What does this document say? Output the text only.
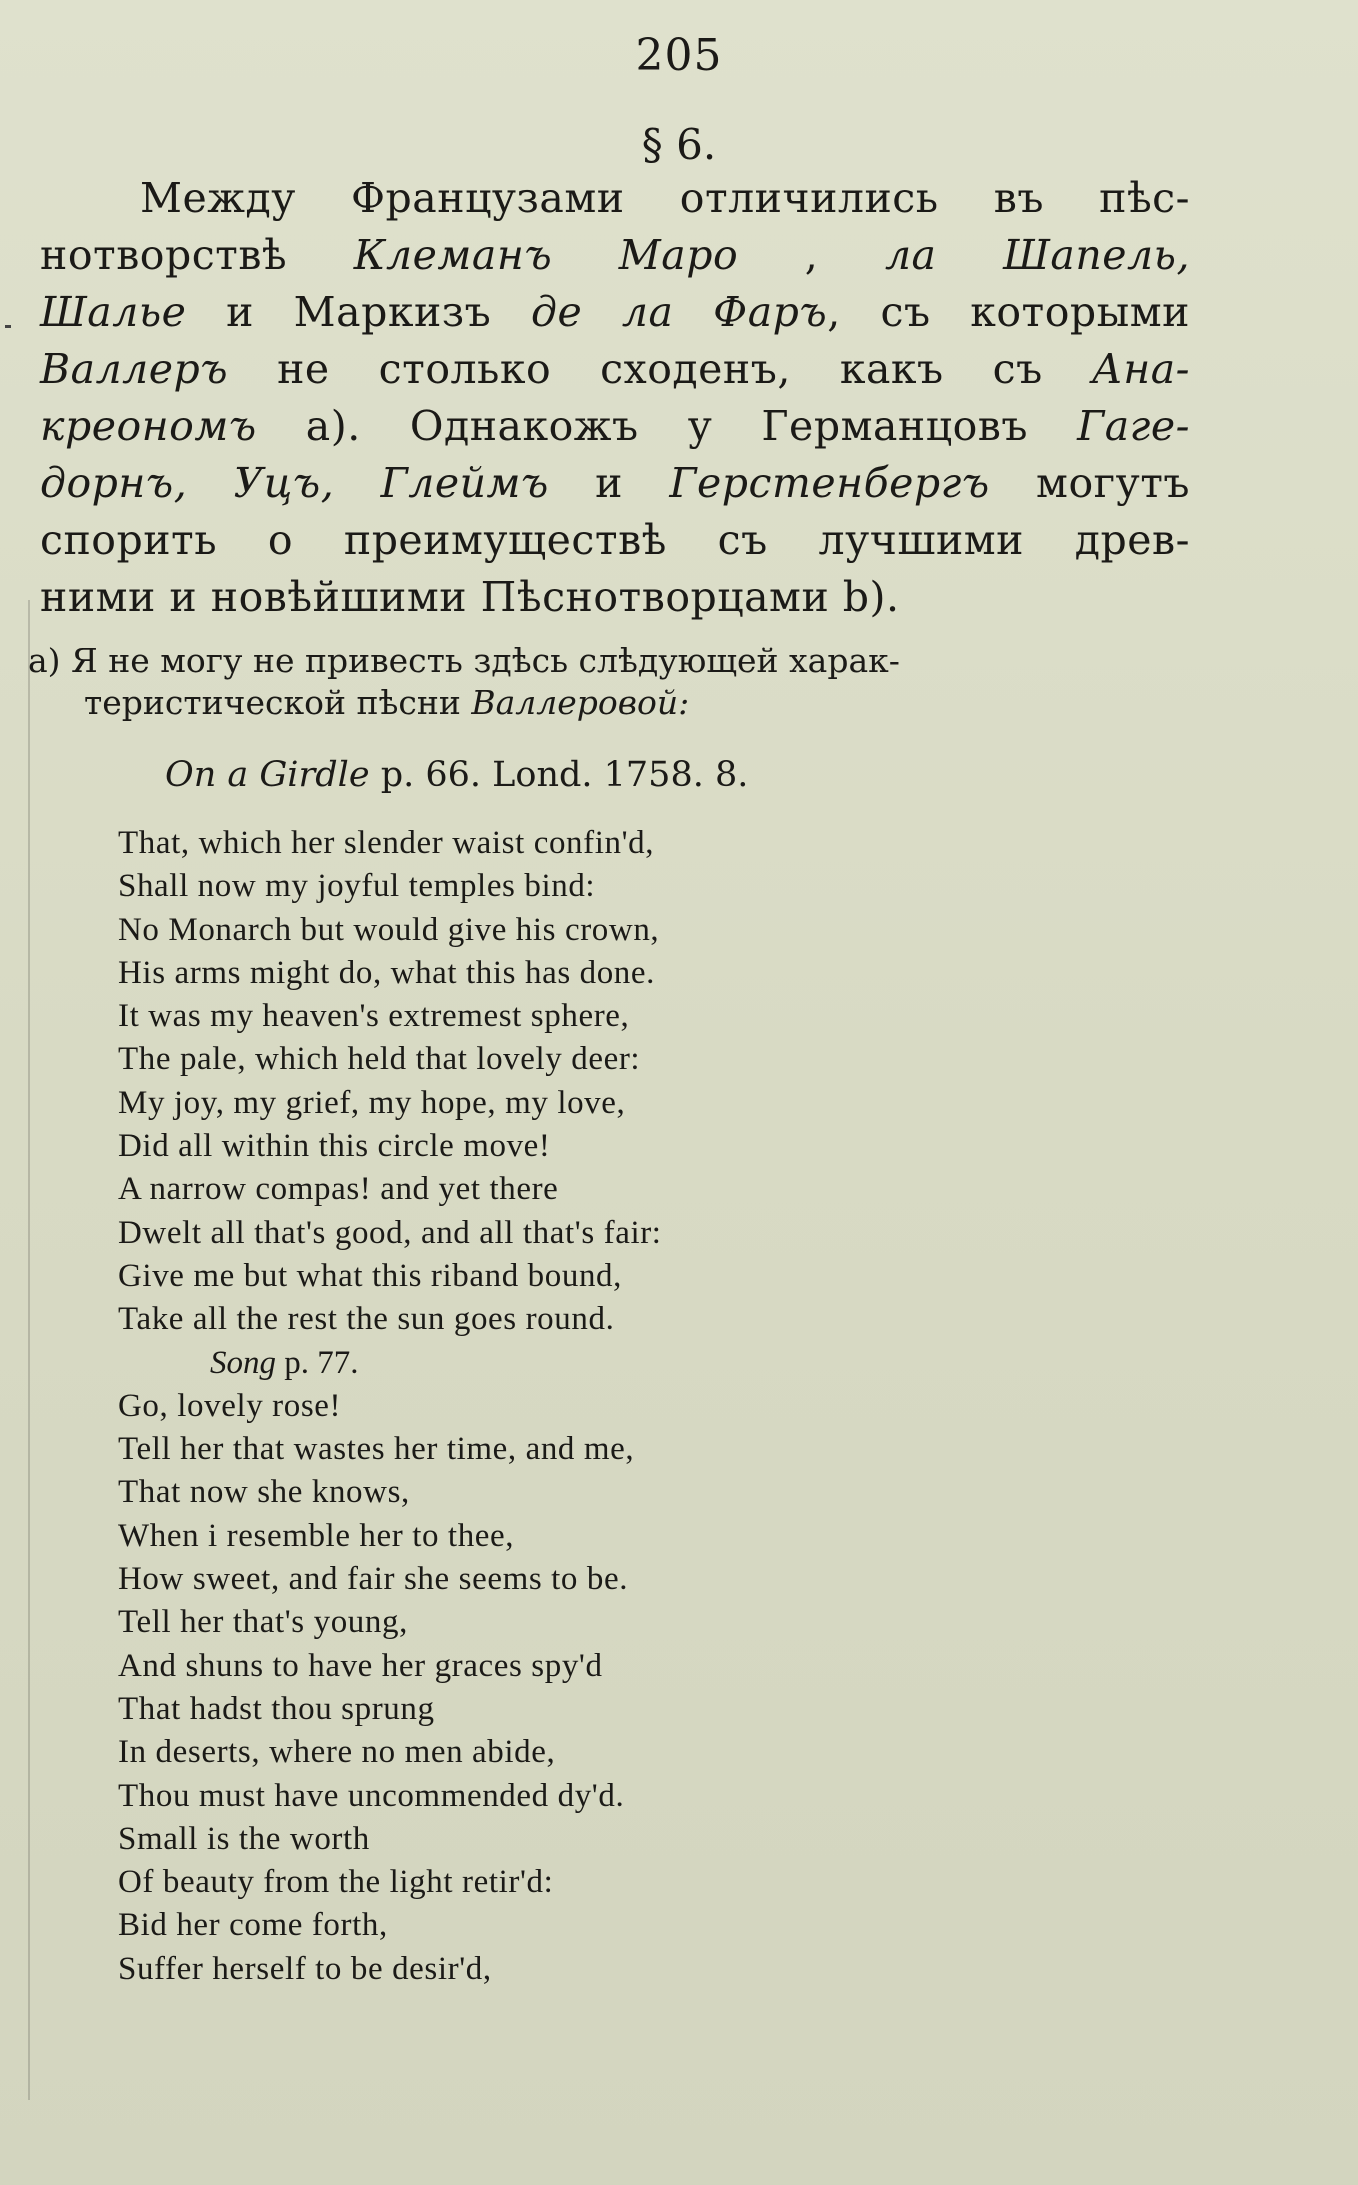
205
§ 6.
Между Французами отличились въ пѣс-
нотворствѣ Клеманъ Маро , ла Шапель,
Шалье и Маркизъ де ла Фаръ, съ которыми
Валлеръ не столько сходенъ, какъ съ Ана-
креономъ а). Однакожъ у Германцовъ Гаге-
дорнъ, Уцъ, Глеймъ и Герстенбергъ могутъ
спорить о преимуществѣ съ лучшими древ-
ними и новѣйшими Пѣснотворцами b).
a) Я не могу не привесть здѣсь слѣдующей харак-
теристической пѣсни Валлеровой:
On a Girdle p. 66. Lond. 1758. 8.
That, which her slender waist confin'd,
Shall now my joyful temples bind:
No Monarch but would give his crown,
His arms might do, what this has done.
It was my heaven's extremest sphere,
The pale, which held that lovely deer:
My joy, my grief, my hope, my love,
Did all within this circle move!
A narrow compas! and yet there
Dwelt all that's good, and all that's fair:
Give me but what this riband bound,
Take all the rest the sun goes round.
Song p. 77.
Go, lovely rose!
Tell her that wastes her time, and me,
That now she knows,
When i resemble her to thee,
How sweet, and fair she seems to be.
Tell her that's young,
And shuns to have her graces spy'd
That hadst thou sprung
In deserts, where no men abide,
Thou must have uncommended dy'd.
Small is the worth
Of beauty from the light retir'd:
Bid her come forth,
Suffer herself to be desir'd,
